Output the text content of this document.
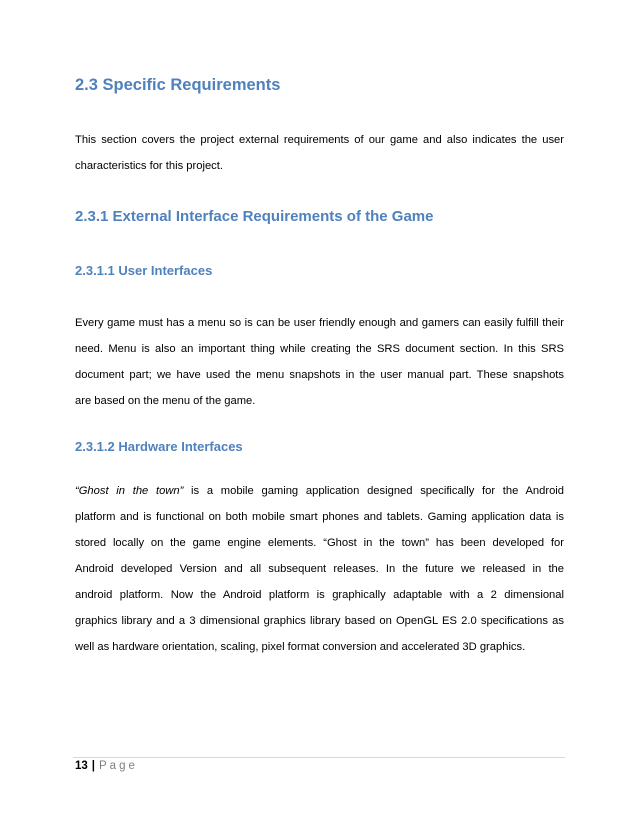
2.3 Specific Requirements

This section covers the project external requirements of our game and also indicates the user
characteristics for this project.

2.3.1 External Interface Requirements of the Game
2.3.1.1 User Interfaces

Every game must has a menu so is can be user friendly enough and gamers can easily fulfill their
need. Menu is also an important thing while creating the SRS document section. In this SRS
document part; we have used the menu snapshots in the user manual part. These snapshots
are based on the menu of the game.

2.3.1.2 Hardware Interfaces

“Ghost in the town” is a mobile gaming application designed specifically for the Android
platform and is functional on both mobile smart phones and tablets. Gaming application data is
stored locally on the game engine elements. “Ghost in the town” has been developed for
Android developed Version and all subsequent releases. In the future we released in the
android platform. Now the Android platform is graphically adaptable with a 2 dimensional
graphics library and a 3 dimensional graphics library based on OpenGL ES 2.0 specifications as
well as hardware orientation, scaling, pixel format conversion and accelerated 3D graphics.

13 | Page
